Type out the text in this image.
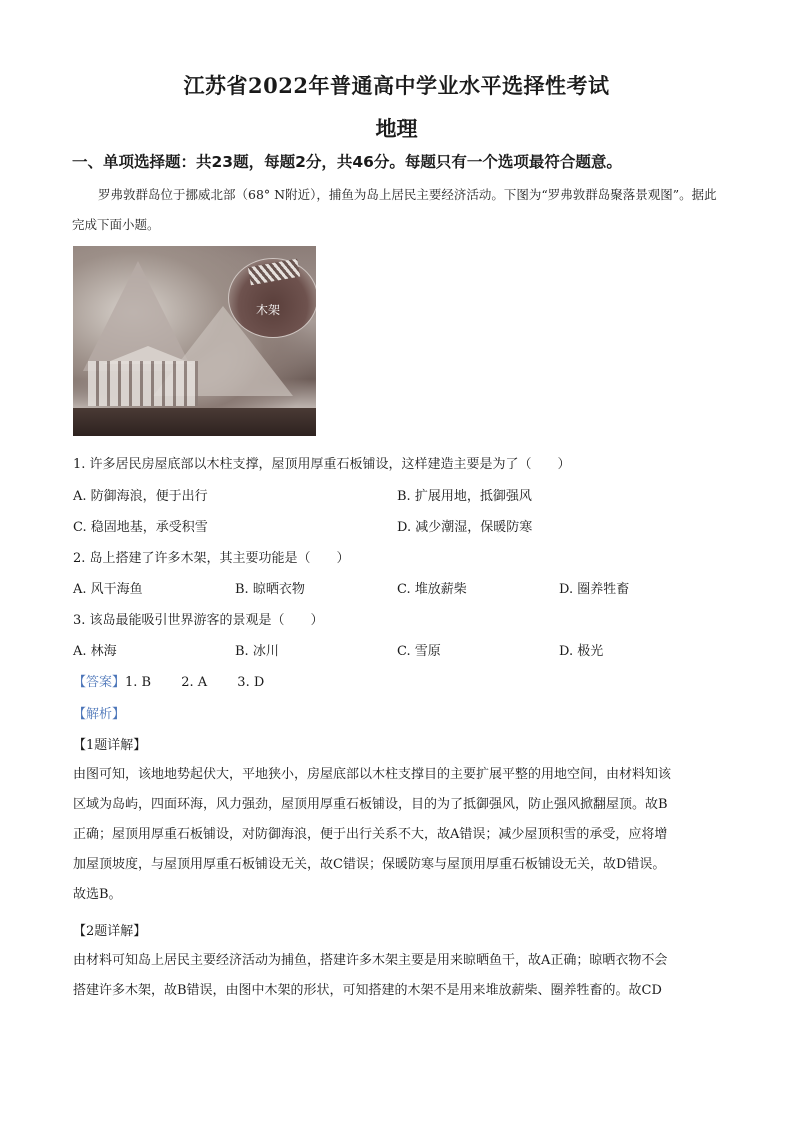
江苏省2022年普通高中学业水平选择性考试
地理
一、单项选择题：共23题，每题2分，共46分。每题只有一个选项最符合题意。
罗弗敦群岛位于挪威北部（68° N附近），捕鱼为岛上居民主要经济活动。下图为“罗弗敦群岛聚落景观图”。据此完成下面小题。
木架
1. 许多居民房屋底部以木柱支撑，屋顶用厚重石板铺设，这样建造主要是为了（　　）
A. 防御海浪，便于出行	B. 扩展用地，抵御强风
C. 稳固地基，承受积雪	D. 减少潮湿，保暖防寒
2. 岛上搭建了许多木架，其主要功能是（　　）
A. 风干海鱼	B. 晾晒衣物	C. 堆放薪柴	D. 圈养牲畜
3. 该岛最能吸引世界游客的景观是（　　）
A. 林海	B. 冰川	C. 雪原	D. 极光
【答案】1. B　　 2. A　　 3. D
【解析】
【1题详解】
由图可知，该地地势起伏大，平地狭小，房屋底部以木柱支撑目的主要扩展平整的用地空间，由材料知该
区域为岛屿，四面环海，风力强劲，屋顶用厚重石板铺设，目的为了抵御强风，防止强风掀翻屋顶。故B
正确；屋顶用厚重石板铺设，对防御海浪，便于出行关系不大，故A错误；减少屋顶积雪的承受，应将增
加屋顶坡度，与屋顶用厚重石板铺设无关，故C错误；保暖防寒与屋顶用厚重石板铺设无关，故D错误。
故选B。
【2题详解】
由材料可知岛上居民主要经济活动为捕鱼，搭建许多木架主要是用来晾晒鱼干，故A正确；晾晒衣物不会
搭建许多木架，故B错误，由图中木架的形状，可知搭建的木架不是用来堆放薪柴、圈养牲畜的。故CD
